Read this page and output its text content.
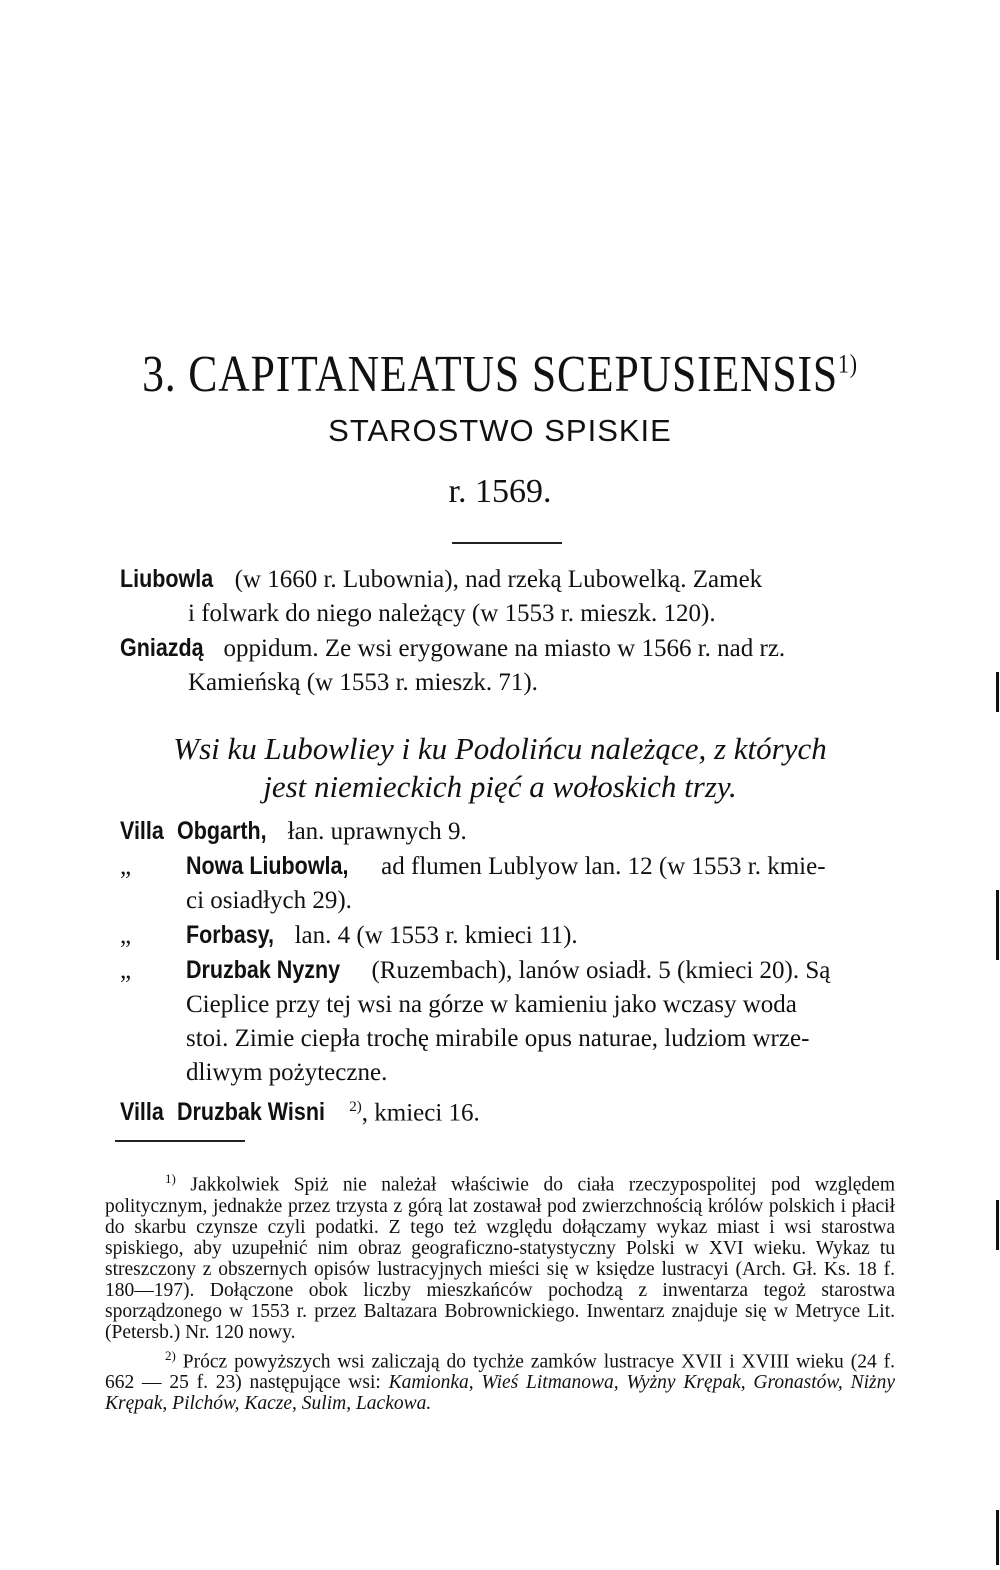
3. CAPITANEATUS SCEPUSIENSIS$^{1)}$
STAROSTWO SPISKIE
r. 1569.

Liubowla (w 1660 r. Lubownia), nad rzeką Lubowelką. Zamek

i folwark do niego należący (w 1553 r. mieszk. 120).

Gniazdą oppidum. Ze wsi erygowane na miasto w 1566 r. nad rz.

Kamieńską (w 1553 r. mieszk. 71).

Wsi ku Lubowliey i ku Podolińcu należące, z których
jest niemieckich pięć a wołoskich trzy.

Villa Obgarth, łan. uprawnych 9.

„ Nowa Liubowla, ad flumen Lublyow lan. 12 (w 1553 r. kmie-

ci osiadłych 29).

„ Forbasy, lan. 4 (w 1553 r. kmieci 11).

„ Druzbak Nyzny (Ruzembach), lanów osiadł. 5 (kmieci 20). Są

Cieplice przy tej wsi na górze w kamieniu jako wczasy woda

stoi. Zimie ciepła trochę mirabile opus naturae, ludziom wrze-

dliwym pożyteczne.

Villa Druzbak Wisni $^{2)}$, kmieci 16.

$^{1)}$ Jakkolwiek Spiż nie należał właściwie do ciała rzeczypospolitej pod względem politycznym, jednakże przez trzysta z górą lat zostawał pod zwierzchnością królów polskich i płacił do skarbu czynsze czyli podatki. Z tego też względu dołączamy wykaz miast i wsi starostwa spiskiego, aby uzupełnić nim obraz geograficzno-statystyczny Polski w XVI wieku. Wykaz tu streszczony z obszernych opisów lustracyjnych mieści się w księdze lustracyi (Arch. Gł. Ks. 18 f. 180—197). Dołączone obok liczby mieszkańców pochodzą z inwentarza tegoż starostwa sporządzonego w 1553 r. przez Baltazara Bobrownickiego. Inwentarz znajduje się w Metryce Lit. (Petersb.) Nr. 120 nowy.

$^{2)}$ Prócz powyższych wsi zaliczają do tychże zamków lustracye XVII i XVIII wieku (24 f. 662 — 25 f. 23) następujące wsi: Kamionka, Wieś Litmanowa, Wyżny Krępak, Gronastów, Niżny Krępak, Pilchów, Kacze, Sulim, Lackowa.
